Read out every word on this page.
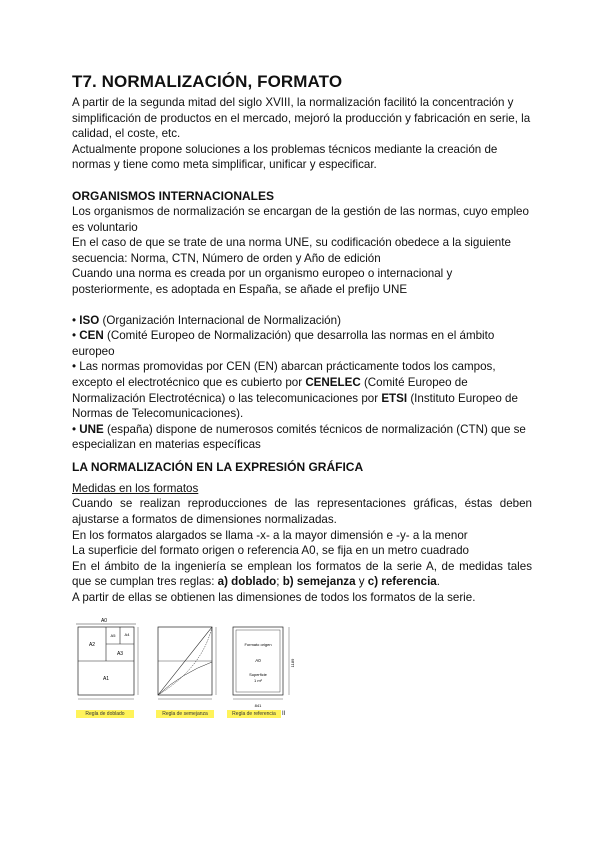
T7. NORMALIZACIÓN, FORMATO

A partir de la segunda mitad del siglo XVIII, la normalización facilitó la concentración y simplificación de productos en el mercado, mejoró la producción y fabricación en serie, la calidad, el coste, etc.

Actualmente propone soluciones a los problemas técnicos mediante la creación de normas y tiene como meta simplificar, unificar y especificar.

ORGANISMOS INTERNACIONALES

Los organismos de normalización se encargan de la gestión de las normas, cuyo empleo es voluntario

En el caso de que se trate de una norma UNE, su codificación obedece a la siguiente secuencia: Norma, CTN, Número de orden y Año de edición

Cuando una norma es creada por un organismo europeo o internacional y posteriormente, es adoptada en España, se añade el prefijo UNE

• ISO (Organización Internacional de Normalización)

• CEN (Comité Europeo de Normalización) que desarrolla las normas en el ámbito europeo

• Las normas promovidas por CEN (EN) abarcan prácticamente todos los campos, excepto el electrotécnico que es cubierto por CENELEC (Comité Europeo de Normalización Electrotécnica) o las telecomunicaciones por ETSI (Instituto Europeo de Normas de Telecomunicaciones).

• UNE (españa) dispone de numerosos comités técnicos de normalización (CTN) que se especializan en materias específicas

LA NORMALIZACIÓN EN LA EXPRESIÓN GRÁFICA

Medidas en los formatos

Cuando se realizan reproducciones de las representaciones gráficas, éstas deben ajustarse a formatos de dimensiones normalizadas.

En los formatos alargados se llama -x- a la mayor dimensión e -y- a la menor

La superficie del formato origen o referencia A0, se fija en un metro cuadrado

En el ámbito de la ingeniería se emplean los formatos de la serie A, de medidas tales que se cumplan tres reglas: a) doblado; b) semejanza y c) referencia.

A partir de ellas se obtienen las dimensiones de todos los formatos de la serie.

A0
A2
A4
A3
A5
A1
Regla de doblado	Regla de semejanza
Formato origen
A0
Superficie
1 m²
1189
841
Regla de referencia	II
